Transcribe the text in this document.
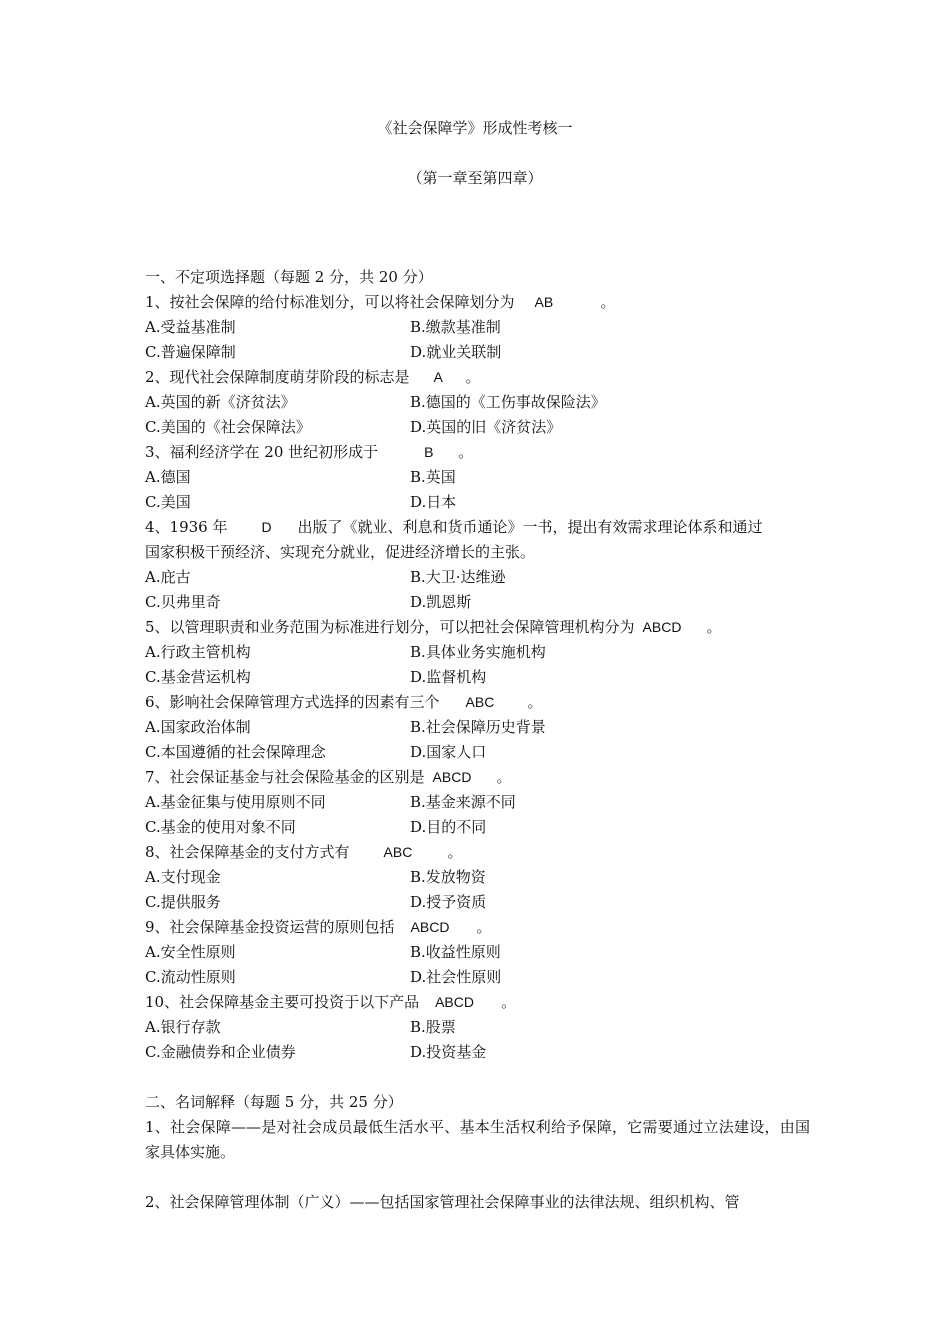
《社会保障学》形成性考核一
（第一章至第四章）
一、不定项选择题（每题 2 分，共 20 分）
1、按社会保障的给付标准划分，可以将社会保障划分为 AB	。
A.受益基准制	B.缴款基准制
C.普遍保障制	D.就业关联制
2、现代社会保障制度萌芽阶段的标志是 A 。
A.英国的新《济贫法》	B.德国的《工伤事故保险法》
C.美国的《社会保障法》	D.英国的旧《济贫法》
3、福利经济学在 20 世纪初形成于	B 。
A.德国	B.英国
C.美国	D.日本
4、1936 年 D 出版了《就业、利息和货币通论》一书，提出有效需求理论体系和通过
国家积极干预经济、实现充分就业，促进经济增长的主张。
A.庇古	B.大卫·达维逊
C.贝弗里奇	D.凯恩斯
5、以管理职责和业务范围为标准进行划分，可以把社会保障管理机构分为 ABCD 。
A.行政主管机构	B.具体业务实施机构
C.基金营运机构	D.监督机构
6、影响社会保障管理方式选择的因素有三个 ABC 。
A.国家政治体制	B.社会保障历史背景
C.本国遵循的社会保障理念	D.国家人口
7、社会保证基金与社会保险基金的区别是 ABCD 。
A.基金征集与使用原则不同	B.基金来源不同
C.基金的使用对象不同	D.目的不同
8、社会保障基金的支付方式有 ABC 。
A.支付现金	B.发放物资
C.提供服务	D.授予资质
9、社会保障基金投资运营的原则包括 ABCD 。
A.安全性原则	B.收益性原则
C.流动性原则	D.社会性原则
10、社会保障基金主要可投资于以下产品 ABCD 。
A.银行存款	B.股票
C.金融债券和企业债券	D.投资基金
二、名词解释（每题 5 分，共 25 分）
1、社会保障——是对社会成员最低生活水平、基本生活权利给予保障，它需要通过立法建设，由国家具体实施。
2、社会保障管理体制（广义）——包括国家管理社会保障事业的法律法规、组织机构、管
